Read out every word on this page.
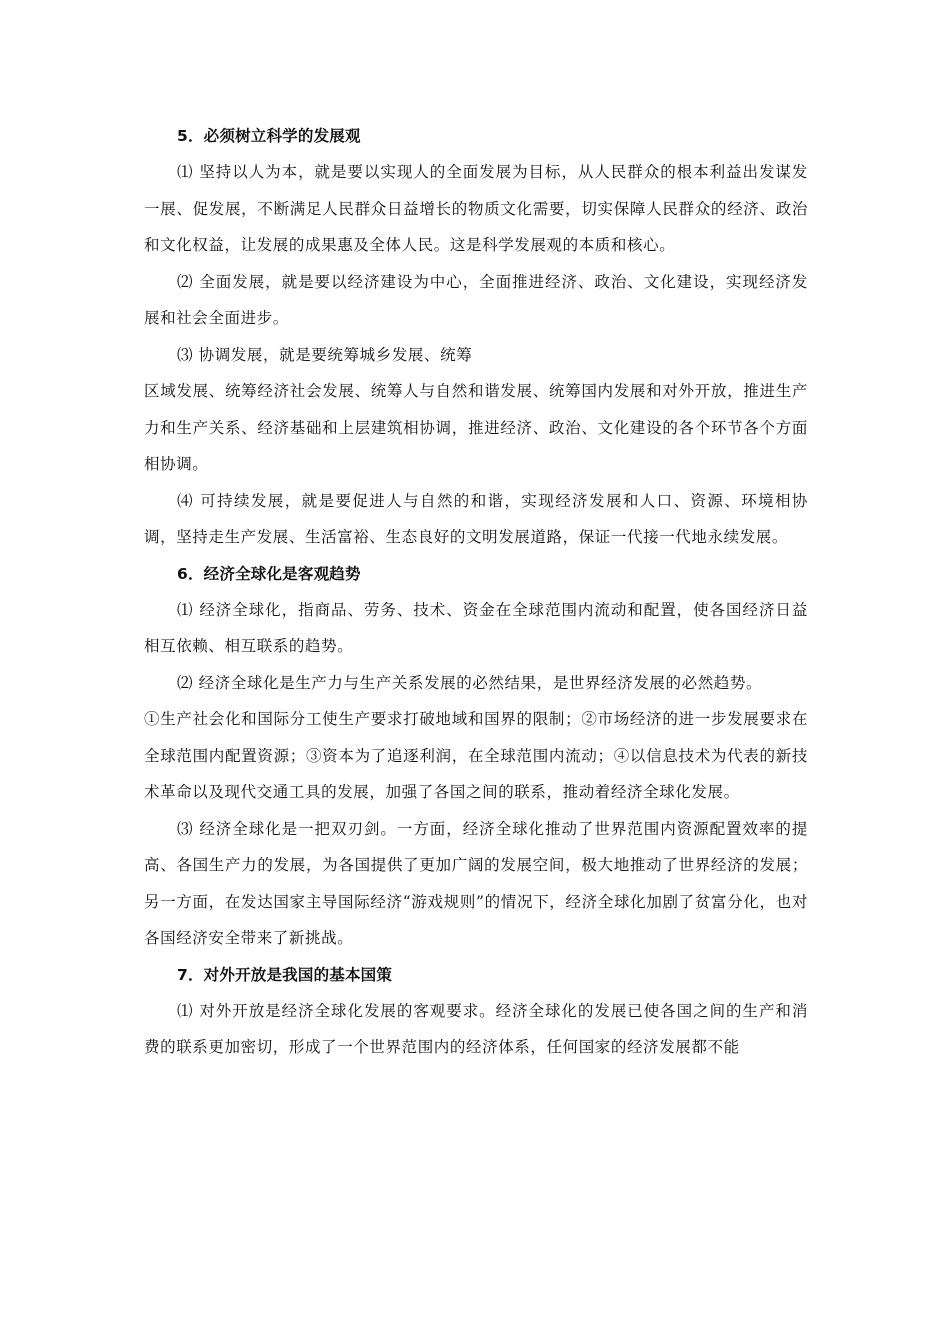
5．必须树立科学的发展观

⑴ 坚持以人为本，就是要以实现人的全面发展为目标，从人民群众的根本利益出发谋发一展、促发展，不断满足人民群众日益增长的物质文化需要，切实保障人民群众的经济、政治和文化权益，让发展的成果惠及全体人民。这是科学发展观的本质和核心。

⑵ 全面发展，就是要以经济建设为中心，全面推进经济、政治、文化建设，实现经济发展和社会全面进步。

⑶ 协调发展，就是要统筹城乡发展、统筹

区域发展、统筹经济社会发展、统筹人与自然和谐发展、统筹国内发展和对外开放，推进生产力和生产关系、经济基础和上层建筑相协调，推进经济、政治、文化建设的各个环节各个方面相协调。

⑷ 可持续发展，就是要促进人与自然的和谐，实现经济发展和人口、资源、环境相协调，坚持走生产发展、生活富裕、生态良好的文明发展道路，保证一代接一代地永续发展。

6．经济全球化是客观趋势

⑴ 经济全球化，指商品、劳务、技术、资金在全球范围内流动和配置，使各国经济日益相互依赖、相互联系的趋势。

⑵ 经济全球化是生产力与生产关系发展的必然结果，是世界经济发展的必然趋势。

①生产社会化和国际分工使生产要求打破地域和国界的限制；②市场经济的进一步发展要求在全球范围内配置资源；③资本为了追逐利润，在全球范围内流动；④以信息技术为代表的新技术革命以及现代交通工具的发展，加强了各国之间的联系，推动着经济全球化发展。

⑶ 经济全球化是一把双刃剑。一方面，经济全球化推动了世界范围内资源配置效率的提高、各国生产力的发展，为各国提供了更加广阔的发展空间，极大地推动了世界经济的发展；另一方面，在发达国家主导国际经济“游戏规则”的情况下，经济全球化加剧了贫富分化，也对各国经济安全带来了新挑战。

7．对外开放是我国的基本国策

⑴ 对外开放是经济全球化发展的客观要求。经济全球化的发展已使各国之间的生产和消费的联系更加密切，形成了一个世界范围内的经济体系，任何国家的经济发展都不能
